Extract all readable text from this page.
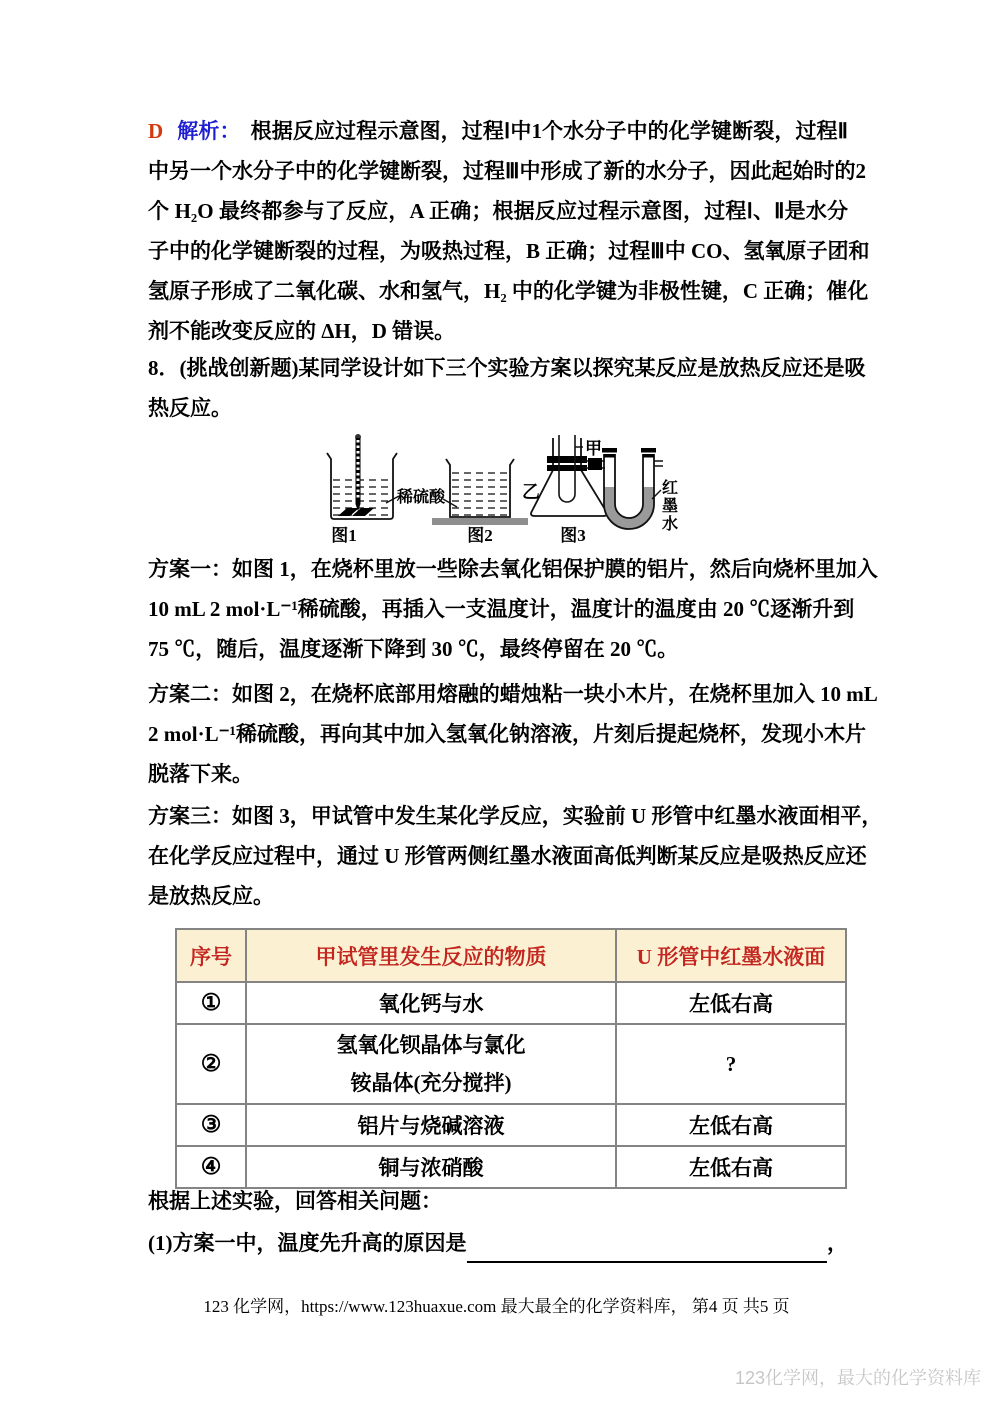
D 解析： 根据反应过程示意图，过程Ⅰ中1个水分子中的化学键断裂，过程Ⅱ
中另一个水分子中的化学键断裂，过程Ⅲ中形成了新的水分子，因此起始时的2
个 H₂O 最终都参与了反应，A 正确；根据反应过程示意图，过程Ⅰ、Ⅱ是水分
子中的化学键断裂的过程，为吸热过程，B 正确；过程Ⅲ中 CO、氢氧原子团和
氢原子形成了二氧化碳、水和氢气，H₂ 中的化学键为非极性键，C 正确；催化
剂不能改变反应的 ΔH，D 错误。
8．(挑战创新题)某同学设计如下三个实验方案以探究某反应是放热反应还是吸
热反应。
稀硫酸
图1	图2
甲
乙	红
墨
水
图3
方案一：如图 1，在烧杯里放一些除去氧化铝保护膜的铝片，然后向烧杯里加入
10 mL 2 mol·L⁻¹稀硫酸，再插入一支温度计，温度计的温度由 20 ℃逐渐升到
75 ℃，随后，温度逐渐下降到 30 ℃，最终停留在 20 ℃。
方案二：如图 2，在烧杯底部用熔融的蜡烛粘一块小木片，在烧杯里加入 10 mL
2 mol·L⁻¹稀硫酸，再向其中加入氢氧化钠溶液，片刻后提起烧杯，发现小木片
脱落下来。
方案三：如图 3，甲试管中发生某化学反应，实验前 U 形管中红墨水液面相平，
在化学反应过程中，通过 U 形管两侧红墨水液面高低判断某反应是吸热反应还
是放热反应。
序号	甲试管里发生反应的物质	U 形管中红墨水液面
①	氧化钙与水	左低右高
②	氢氧化钡晶体与氯化
铵晶体(充分搅拌)	?
③	铝片与烧碱溶液	左低右高
④	铜与浓硝酸	左低右高
根据上述实验，回答相关问题：
(1)方案一中，温度先升高的原因是	，
123 化学网，https://www.123huaxue.com 最大最全的化学资料库， 第4 页 共5 页
123化学网，最大的化学资料库
